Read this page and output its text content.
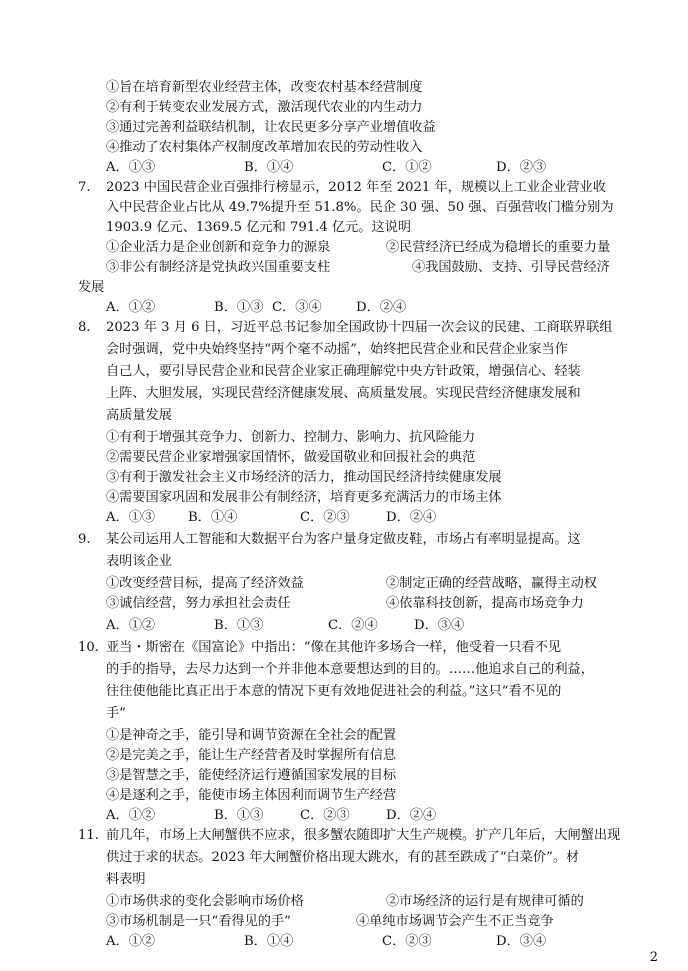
①旨在培育新型农业经营主体，改变农村基本经营制度
②有利于转变农业发展方式，激活现代农业的内生动力
③通过完善利益联结机制，让农民更多分享产业增值收益
④推动了农村集体产权制度改革增加农民的劳动性收入
A．①③	B．①④	C．①②	D．②③
7. 2023 中国民营企业百强排行榜显示，2012 年至 2021 年，规模以上工业企业营业收
入中民营企业占比从 49.7%提升至 51.8%。民企 30 强、50 强、百强营收门槛分别为
1903.9 亿元、1369.5 亿元和 791.4 亿元。这说明
①企业活力是企业创新和竞争力的源泉	②民营经济已经成为稳增长的重要力量
③非公有制经济是党执政兴国重要支柱	④我国鼓励、支持、引导民营经济
发展
A．①②	B．①③ C．③④	D．②④
8. 2023 年 3 月 6 日，习近平总书记参加全国政协十四届一次会议的民建、工商联界联组
会时强调，党中央始终坚持“两个毫不动摇”，始终把民营企业和民营企业家当作
自己人，要引导民营企业和民营企业家正确理解党中央方针政策，增强信心、轻装
上阵、大胆发展，实现民营经济健康发展、高质量发展。实现民营经济健康发展和
高质量发展
①有利于增强其竞争力、创新力、控制力、影响力、抗风险能力
②需要民营企业家增强家国情怀，做爱国敬业和回报社会的典范
③有利于激发社会主义市场经济的活力，推动国民经济持续健康发展
④需要国家巩固和发展非公有制经济，培育更多充满活力的市场主体
A．①③ B．①④	C．②③	D．②④
9. 某公司运用人工智能和大数据平台为客户量身定做皮鞋，市场占有率明显提高。这
表明该企业
①改变经营目标，提高了经济效益	②制定正确的经营战略，赢得主动权
③诚信经营，努力承担社会责任	④依靠科技创新，提高市场竞争力
A．①②	B．①③	C．②④	D．③④
10. 亚当・斯密在《国富论》中指出：“像在其他许多场合一样，他受着一只看不见
的手的指导，去尽力达到一个并非他本意要想达到的目的。……他追求自己的利益，
往往使他能比真正出于本意的情况下更有效地促进社会的利益。”这只“看不见的
手”
①是神奇之手，能引导和调节资源在全社会的配置
②是完美之手，能让生产经营者及时掌握所有信息
③是智慧之手，能使经济运行遵循国家发展的目标
④是逐利之手，能使市场主体因利而调节生产经营
A．①②	B．①③	C．②③	D．②④
11. 前几年，市场上大闸蟹供不应求，很多蟹农随即扩大生产规模。扩产几年后，大闸蟹出现
供过于求的状态。2023 年大闸蟹价格出现大跳水，有的甚至跌成了“白菜价”。材
料表明
①市场供求的变化会影响市场价格	②市场经济的运行是有规律可循的
③市场机制是一只“看得见的手”	④单纯市场调节会产生不正当竞争
A．①②	B．①④	C．②③	D．③④
2
